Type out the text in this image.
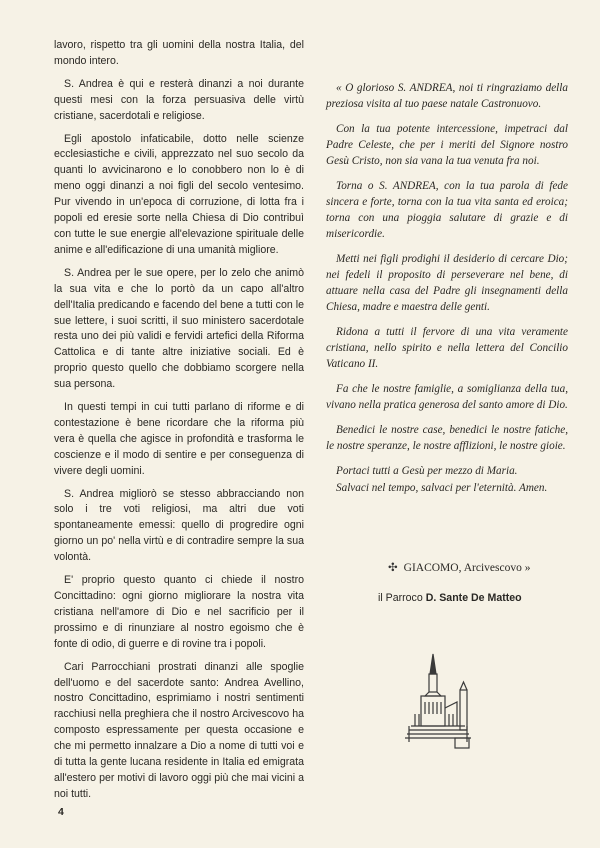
lavoro, rispetto tra gli uomini della nostra Italia, del mondo intero.

S. Andrea è qui e resterà dinanzi a noi durante questi mesi con la forza persuasiva delle virtù cristiane, sacerdotali e religiose.

Egli apostolo infaticabile, dotto nelle scienze ecclesiastiche e civili, apprezzato nel suo secolo da quanti lo avvicinarono e lo conobbero non lo è di meno oggi dinanzi a noi figli del secolo ventesimo. Pur vivendo in un'epoca di corruzione, di lotta fra i popoli ed eresie sorte nella Chiesa di Dio contribuì con tutte le sue energie all'elevazione spirituale delle anime e all'edificazione di una umanità migliore.

S. Andrea per le sue opere, per lo zelo che animò la sua vita e che lo portò da un capo all'altro dell'Italia predicando e facendo del bene a tutti con le sue lettere, i suoi scritti, il suo ministero sacerdotale resta uno dei più validi e fervidi artefici della Riforma Cattolica e di tante altre iniziative sociali. Ed è proprio questo quello che dobbiamo scorgere nella sua persona.

In questi tempi in cui tutti parlano di riforme e di contestazione è bene ricordare che la riforma più vera è quella che agisce in profondità e trasforma le coscienze e il modo di sentire e per conseguenza di vivere degli uomini.

S. Andrea migliorò se stesso abbracciando non solo i tre voti religiosi, ma altri due voti spontaneamente emessi: quello di progredire ogni giorno un po' nella virtù e di contradire sempre la sua volontà.

E' proprio questo quanto ci chiede il nostro Concittadino: ogni giorno migliorare la nostra vita cristiana nell'amore di Dio e nel sacrificio per il prossimo e di rinunziare al nostro egoismo che è fonte di odio, di guerre e di rovine tra i popoli.

Cari Parrocchiani prostrati dinanzi alle spoglie dell'uomo e del sacerdote santo: Andrea Avellino, nostro Concittadino, esprimiamo i nostri sentimenti racchiusi nella preghiera che il nostro Arcivescovo ha composto espressamente per questa occasione e che mi permetto innalzare a Dio a nome di tutti voi e di tutta la gente lucana residente in Italia ed emigrata all'estero per motivi di lavoro oggi più che mai vicini a noi tutti.

« O glorioso S. ANDREA, noi ti ringraziamo della preziosa visita al tuo paese natale Castronuovo.

Con la tua potente intercessione, impetraci dal Padre Celeste, che per i meriti del Signore nostro Gesù Cristo, non sia vana la tua venuta fra noi.

Torna o S. ANDREA, con la tua parola di fede sincera e forte, torna con la tua vita santa ed eroica; torna con una pioggia salutare di grazie e di misericordie.

Metti nei figli prodighi il desiderio di cercare Dio; nei fedeli il proposito di perseverare nel bene, di attuare nella casa del Padre gli insegnamenti della Chiesa, madre e maestra delle genti.

Ridona a tutti il fervore di una vita veramente cristiana, nello spirito e nella lettera del Concilio Vaticano II.

Fa che le nostre famiglie, a somiglianza della tua, vivano nella pratica generosa del santo amore di Dio.

Benedici le nostre case, benedici le nostre fatiche, le nostre speranze, le nostre afflizioni, le nostre gioie.

Portaci tutti a Gesù per mezzo di Maria.

Salvaci nel tempo, salvaci per l'eternità. Amen.

✣ GIACOMO, Arcivescovo »
il Parroco D. Sante De Matteo
4
